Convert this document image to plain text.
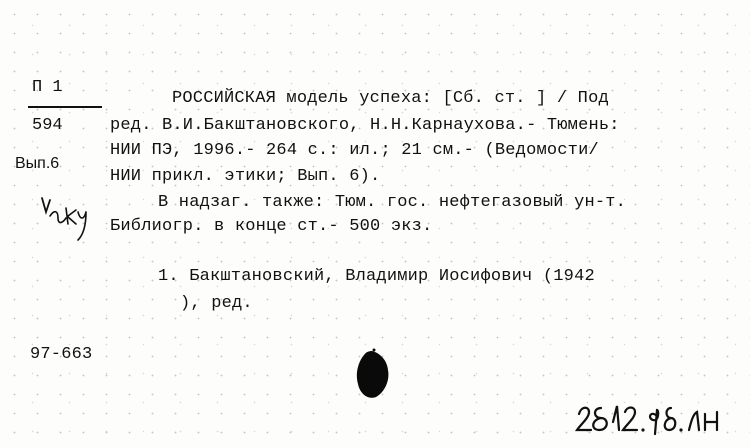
П 1
594
Вып.6
РОССИЙСКАЯ модель успеха: [Сб. ст. ] / Под
ред. В.И.Бакштановского, Н.Н.Карнаухова.- Тюмень:
НИИ ПЭ, 1996.- 264 с.: ил.; 21 см.- (Ведомости/
НИИ прикл. этики; Вып. 6).
В надзаг. также: Тюм. гос. нефтегазовый ун-т.
Библиогр. в конце ст.- 500 экз.
1. Бакштановский, Владимир Иосифович (1942
), ред.
97-663
